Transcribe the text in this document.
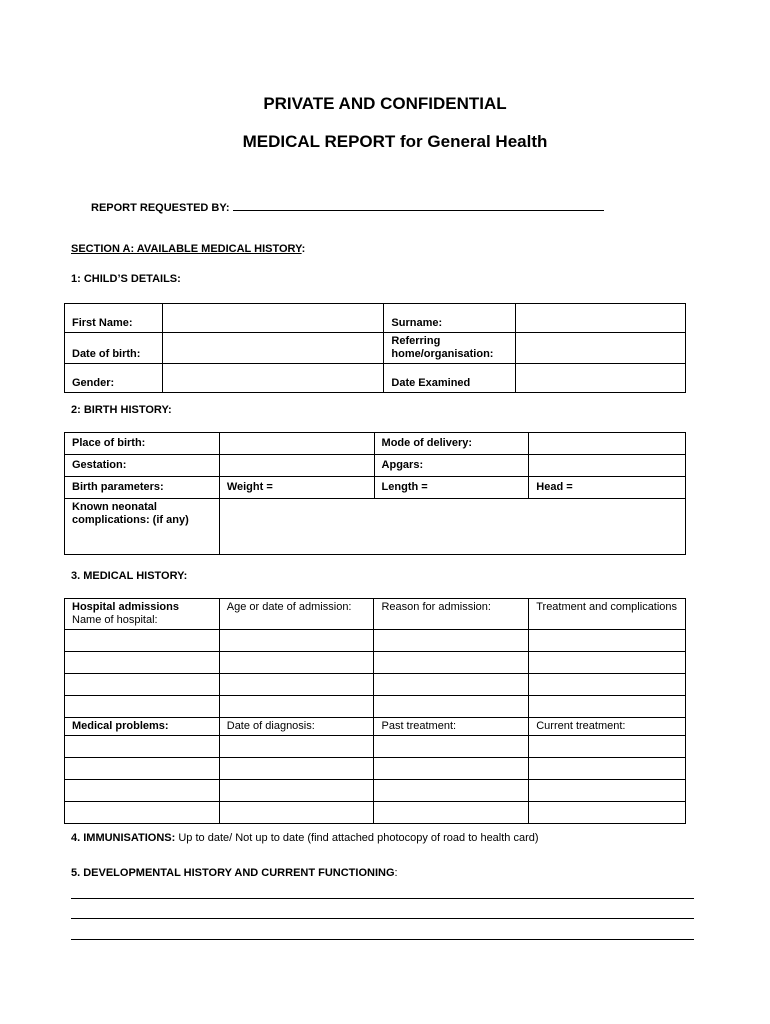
PRIVATE AND CONFIDENTIAL
MEDICAL REPORT for General Health
REPORT REQUESTED BY:
SECTION A: AVAILABLE MEDICAL HISTORY:
1: CHILD’S DETAILS:
First Name:		Surname:	
Date of birth:		Referring home/organisation:	
Gender:		Date Examined	
2: BIRTH HISTORY:
Place of birth:		Mode of delivery:	
Gestation:		Apgars:	
Birth parameters:	Weight =	Length =	Head =
Known neonatal complications: (if any)			
3. MEDICAL HISTORY:
Hospital admissions
Name of hospital:	Age or date of admission:	Reason for admission:	Treatment and complications

Medical problems:	Date of diagnosis:	Past treatment:	Current treatment:

4. IMMUNISATIONS: Up to date/ Not up to date (find attached photocopy of road to health card)
5. DEVELOPMENTAL HISTORY AND CURRENT FUNCTIONING:
